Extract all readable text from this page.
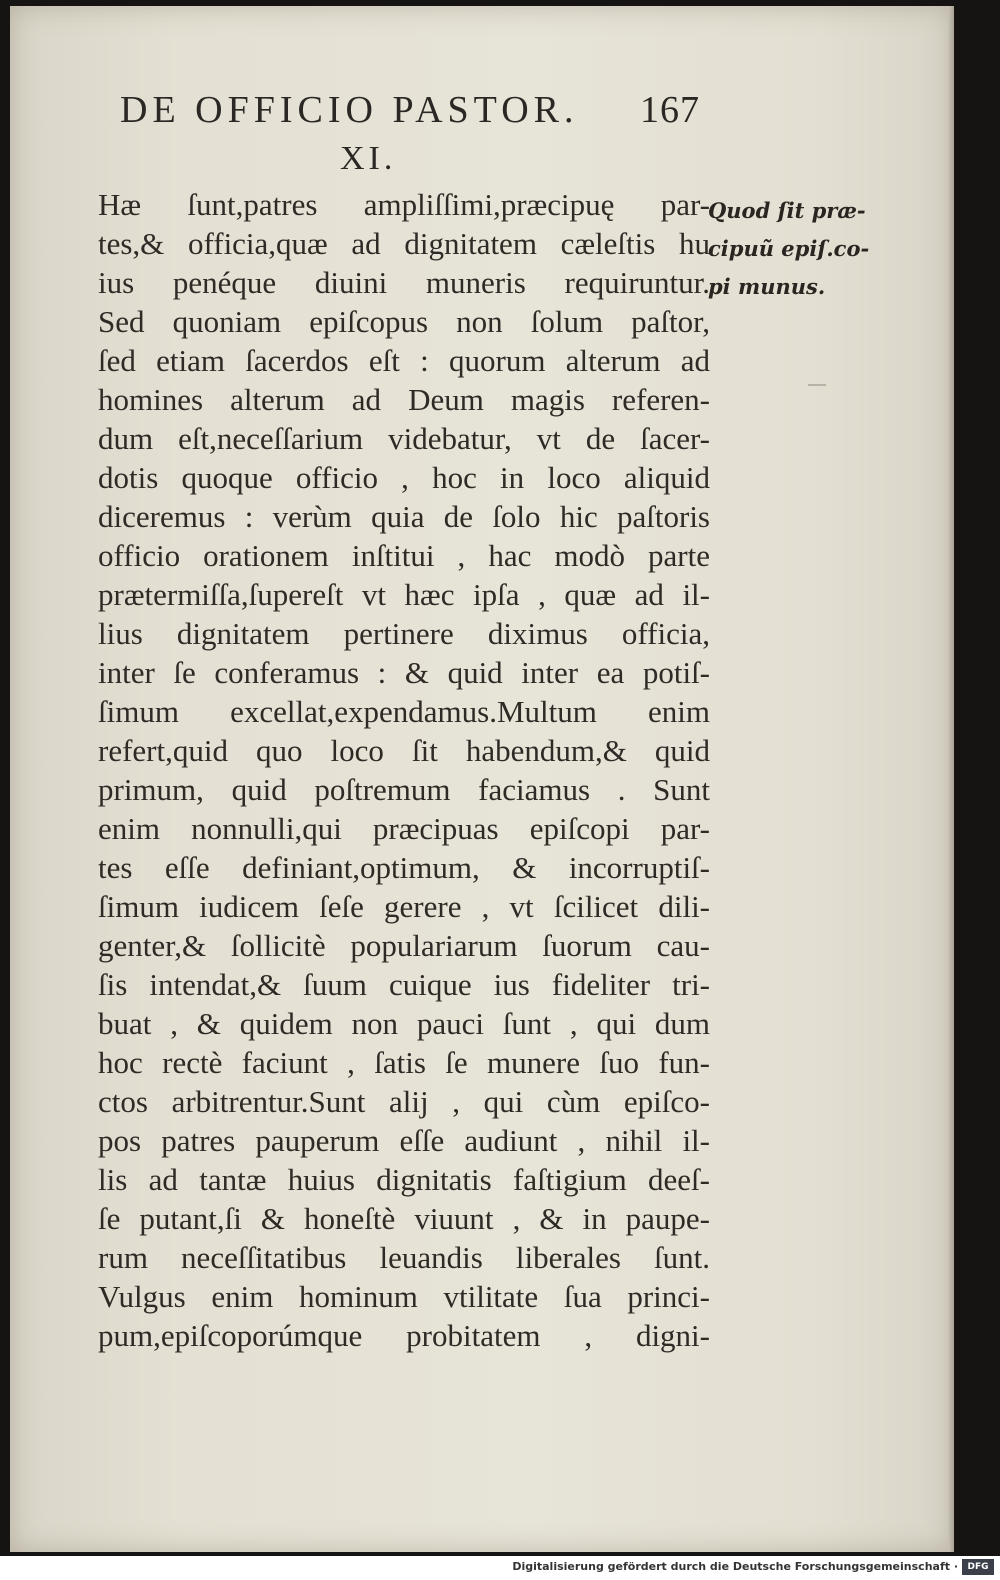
DE OFFICIO PASTOR. 167
XI.
Hæ ſunt,patres ampliſſimi,præcipuę par-
tes,& officia,quæ ad dignitatem cæleſtis hu
ius penéque diuini muneris requiruntur.
Sed quoniam epiſcopus non ſolum paſtor,
ſed etiam ſacerdos eſt : quorum alterum ad
homines alterum ad Deum magis referen-
dum eſt,neceſſarium videbatur, vt de ſacer-
dotis quoque officio , hoc in loco aliquid
diceremus : verùm quia de ſolo hic paſtoris
officio orationem inſtitui , hac modò parte
prætermiſſa,ſupereſt vt hæc ipſa , quæ ad il-
lius dignitatem pertinere diximus officia,
inter ſe conferamus : & quid inter ea potiſ-
ſimum excellat,expendamus.Multum enim
refert,quid quo loco ſit habendum,& quid
primum, quid poſtremum faciamus . Sunt
enim nonnulli,qui præcipuas epiſcopi par-
tes eſſe definiant,optimum, & incorruptiſ-
ſimum iudicem ſeſe gerere , vt ſcilicet dili-
genter,& ſollicitè populariarum ſuorum cau-
ſis intendat,& ſuum cuique ius fideliter tri-
buat , & quidem non pauci ſunt , qui dum
hoc rectè faciunt , ſatis ſe munere ſuo fun-
ctos arbitrentur.Sunt alij , qui cùm epiſco-
pos patres pauperum eſſe audiunt , nihil il-
lis ad tantæ huius dignitatis faſtigium deeſ-
ſe putant,ſi & honeſtè viuunt , & in paupe-
rum neceſſitatibus leuandis liberales ſunt.
Vulgus enim hominum vtilitate ſua princi-
pum,epiſcoporúmque probitatem , digni-
Quod ſit præ-
cipuũ epiſ.co-
pi munus.
Digitalisierung gefördert durch die Deutsche Forschungsgemeinschaft ·	DFG
